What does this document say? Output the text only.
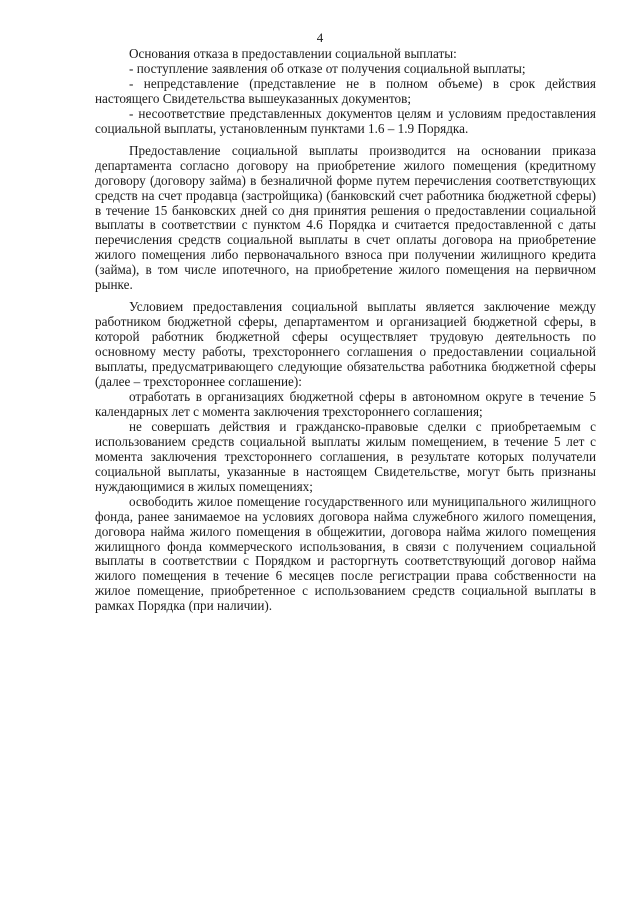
4

Основания отказа в предоставлении социальной выплаты:

- поступление заявления об отказе от получения социальной выплаты;

- непредставление (представление не в полном объеме) в срок действия настоящего Свидетельства вышеуказанных документов;

- несоответствие представленных документов целям и условиям предоставления социальной выплаты, установленным пунктами 1.6 – 1.9 Порядка.

Предоставление социальной выплаты производится на основании приказа департамента согласно договору на приобретение жилого помещения (кредитному договору (договору займа) в безналичной форме путем перечисления соответствующих средств на счет продавца (застройщика) (банковский счет работника бюджетной сферы) в течение 15 банковских дней со дня принятия решения о предоставлении социальной выплаты в соответствии с пунктом 4.6 Порядка и считается предоставленной с даты перечисления средств социальной выплаты в счет оплаты договора на приобретение жилого помещения либо первоначального взноса при получении жилищного кредита (займа), в том числе ипотечного, на приобретение жилого помещения на первичном рынке.

Условием предоставления социальной выплаты является заключение между работником бюджетной сферы, департаментом и организацией бюджетной сферы, в которой работник бюджетной сферы осуществляет трудовую деятельность по основному месту работы, трехстороннего соглашения о предоставлении социальной выплаты, предусматривающего следующие обязательства работника бюджетной сферы (далее – трехстороннее соглашение):

отработать в организациях бюджетной сферы в автономном округе в течение 5 календарных лет с момента заключения трехстороннего соглашения;

не совершать действия и гражданско-правовые сделки с приобретаемым с использованием средств социальной выплаты жилым помещением, в течение 5 лет с момента заключения трехстороннего соглашения, в результате которых получатели социальной выплаты, указанные в настоящем Свидетельстве, могут быть признаны нуждающимися в жилых помещениях;

освободить жилое помещение государственного или муниципального жилищного фонда, ранее занимаемое на условиях договора найма служебного жилого помещения, договора найма жилого помещения в общежитии, договора найма жилого помещения жилищного фонда коммерческого использования, в связи с получением социальной выплаты в соответствии с Порядком и расторгнуть соответствующий договор найма жилого помещения в течение 6 месяцев после регистрации права собственности на жилое помещение, приобретенное с использованием средств социальной выплаты в рамках Порядка (при наличии).
